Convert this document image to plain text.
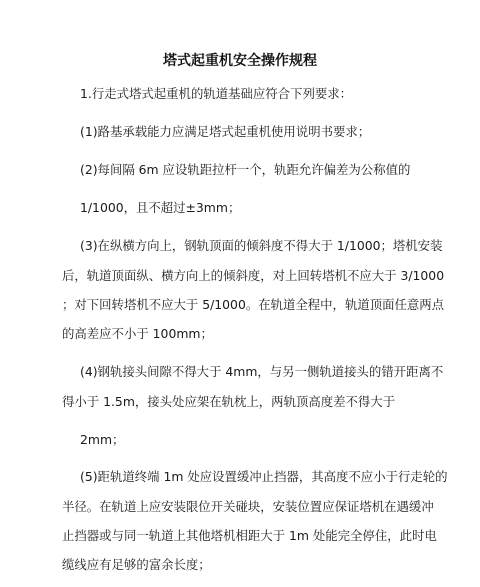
塔式起重机安全操作规程
1.行走式塔式起重机的轨道基础应符合下列要求：
(1)路基承载能力应满足塔式起重机使用说明书要求；
(2)每间隔 6m 应设轨距拉杆一个，轨距允许偏差为公称值的
1/1000，且不超过±3mm；
(3)在纵横方向上，钢轨顶面的倾斜度不得大于 1/1000；塔机安装
后，轨道顶面纵、横方向上的倾斜度，对上回转塔机不应大于 3/1000
；对下回转塔机不应大于 5/1000。在轨道全程中，轨道顶面任意两点
的高差应不小于 100mm；
(4)钢轨接头间隙不得大于 4mm，与另一侧轨道接头的错开距离不
得小于 1.5m，接头处应架在轨枕上，两轨顶高度差不得大于
2mm；
(5)距轨道终端 1m 处应设置缓冲止挡器，其高度不应小于行走轮的
半径。在轨道上应安装限位开关碰块，安装位置应保证塔机在遇缓冲
止挡器或与同一轨道上其他塔机相距大于 1m 处能完全停住，此时电
缆线应有足够的富余长度；
